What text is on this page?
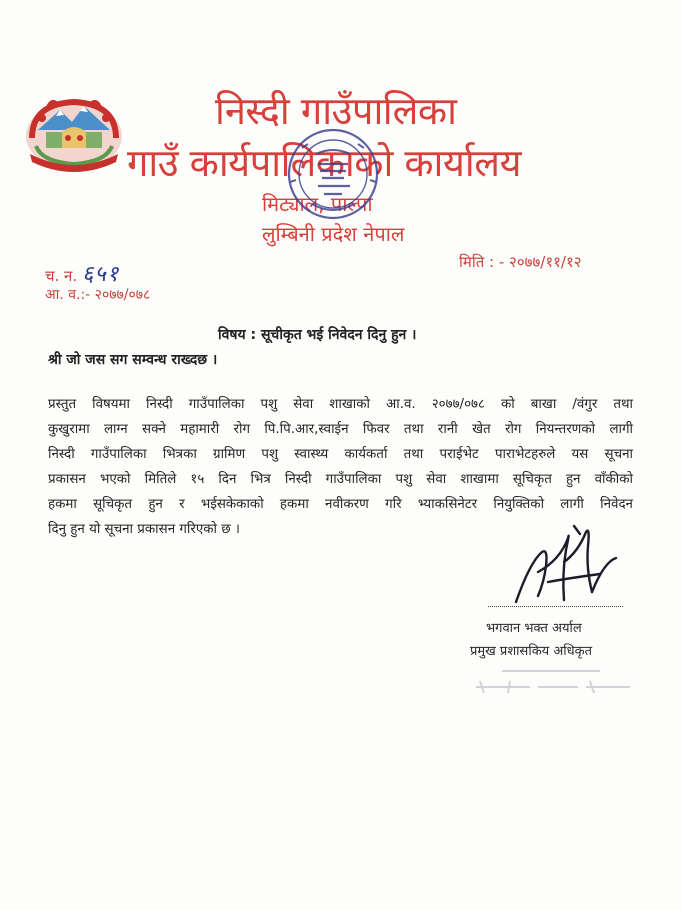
निस्दी गाउँपालिका
गाउँ कार्यपालिकाको कार्यालय
मिट्याल, पाल्पा
लुम्बिनी प्रदेश नेपाल
च. न. ६५१
आ. व.:- २०७७/०७८
मिति : - २०७७/११/१२
विषय : सूचीकृत भई निवेदन दिनु हुन ।
श्री जो जस सग सम्वन्ध राख्दछ ।
प्रस्तुत विषयमा निस्दी गाउँपालिका पशु सेवा शाखाको आ.व. २०७७/०७८ को बाखा /वंगुर तथा
कुखुरामा लाग्न सक्ने महामारी रोग पि.पि.आर,स्वाईन फिवर तथा रानी खेत रोग नियन्तरणको लागी
निस्दी गाउँपालिका भित्रका ग्रामिण पशु स्वास्थ्य कार्यकर्ता तथा पराईभेट पाराभेटहरुले यस सूचना
प्रकासन भएको मितिले १५ दिन भित्र निस्दी गाउँपालिका पशु सेवा शाखामा सूचिकृत हुन वाँकीको
हकमा सूचिकृत हुन र भईसकेकाको हकमा नवीकरण गरि भ्याकसिनेटर नियुक्तिको लागी निवेदन
दिनु हुन यो सूचना प्रकासन गरिएको छ ।
भगवान भक्त अर्याल
प्रमुख प्रशासकिय अधिकृत
